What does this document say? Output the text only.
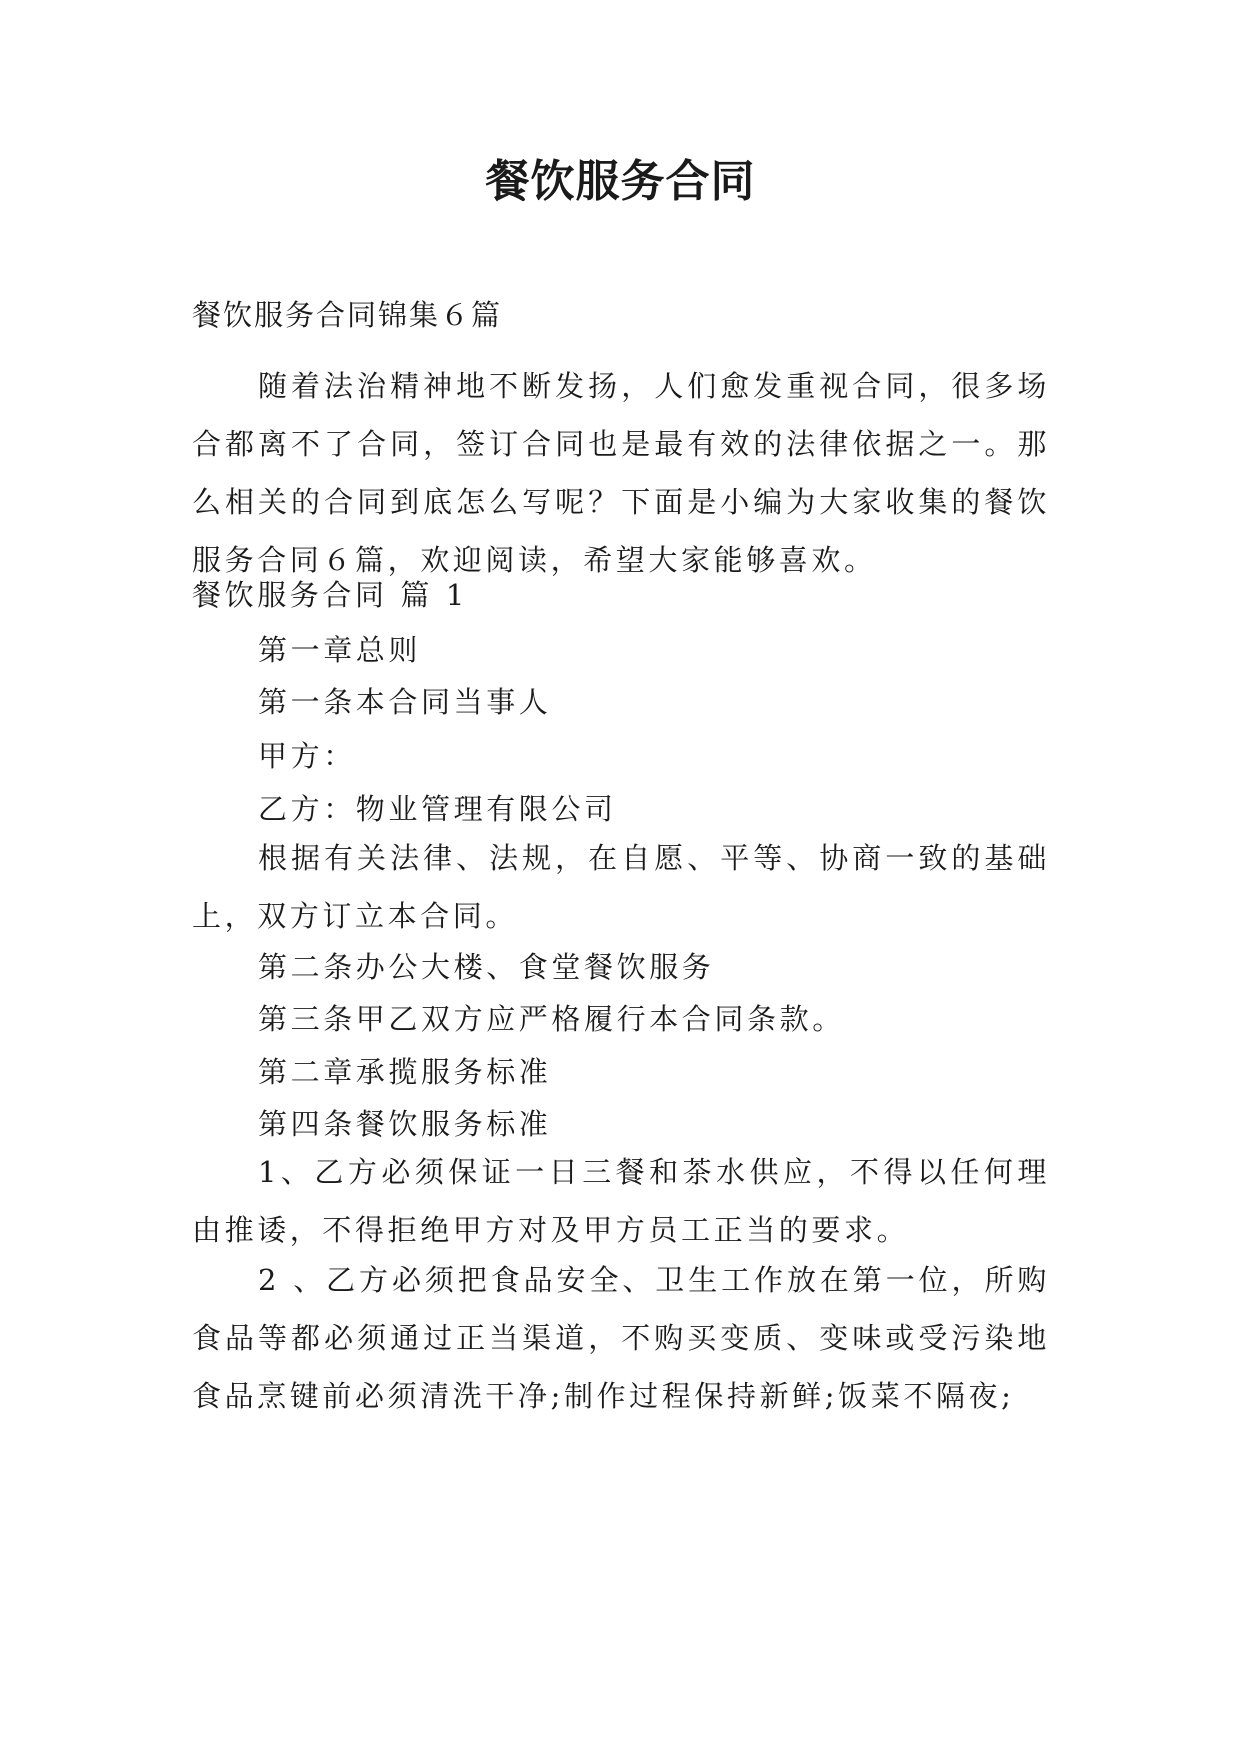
餐饮服务合同
餐饮服务合同锦集６篇

随着法治精神地不断发扬，人们愈发重视合同，很多场合都离不了合同，签订合同也是最有效的法律依据之一。那么相关的合同到底怎么写呢？下面是小编为大家收集的餐饮服务合同６篇，欢迎阅读，希望大家能够喜欢。

餐饮服务合同 篇 1
第一章总则
第一条本合同当事人
甲方：
乙方：物业管理有限公司

根据有关法律、法规，在自愿、平等、协商一致的基础上，双方订立本合同。

第二条办公大楼、食堂餐饮服务
第三条甲乙双方应严格履行本合同条款。
第二章承揽服务标准
第四条餐饮服务标准

1、乙方必须保证一日三餐和茶水供应，不得以任何理由推诿，不得拒绝甲方对及甲方员工正当的要求。

2 、乙方必须把食品安全、卫生工作放在第一位，所购食品等都必须通过正当渠道，不购买变质、变味或受污染地食品烹键前必须清洗干净;制作过程保持新鲜;饭菜不隔夜;
